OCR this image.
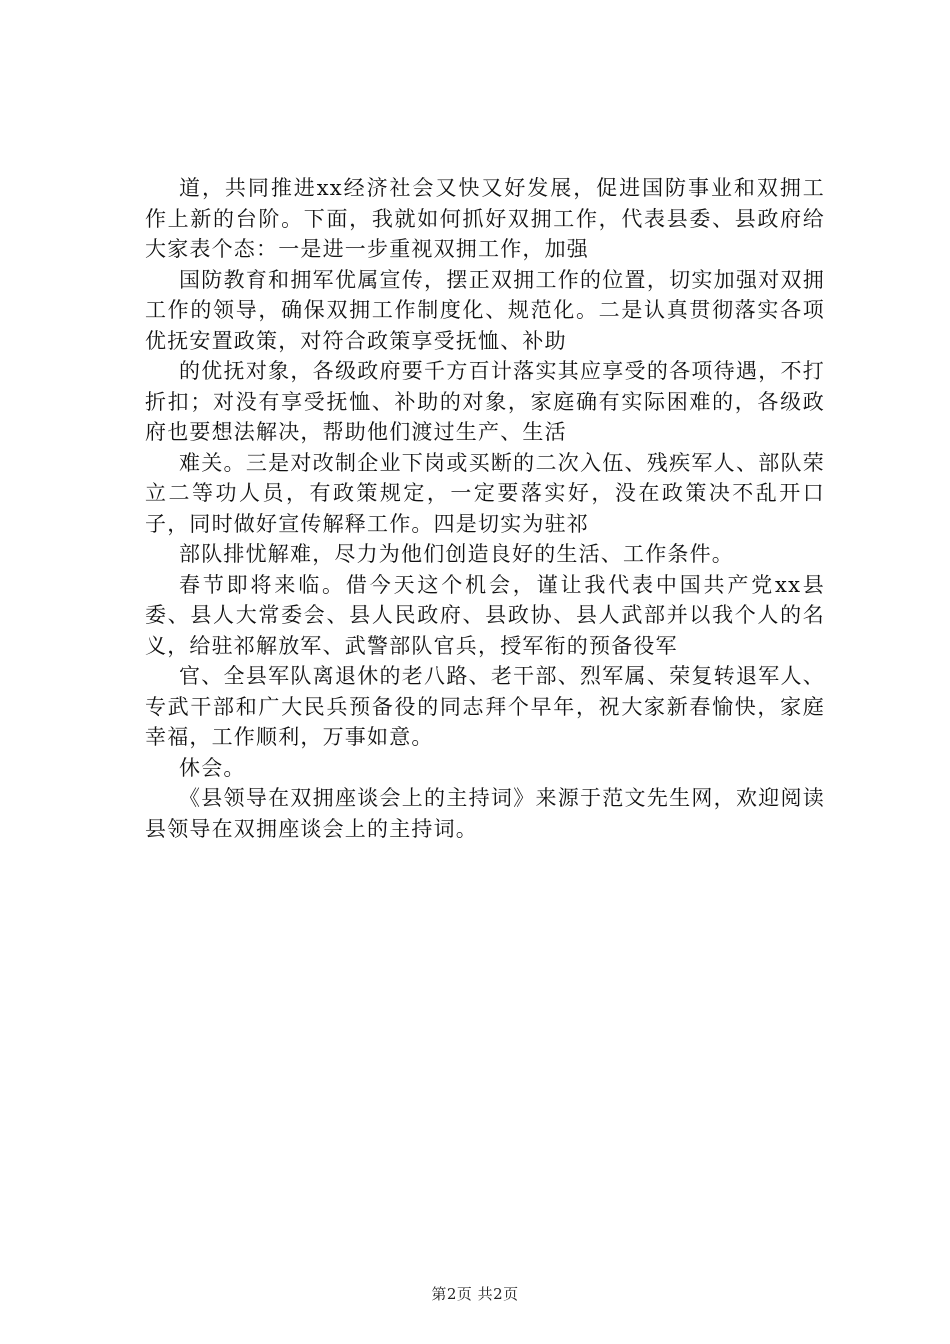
道，共同推进xx经济社会又快又好发展，促进国防事业和双拥工作上新的台阶。下面，我就如何抓好双拥工作，代表县委、县政府给大家表个态：一是进一步重视双拥工作，加强

国防教育和拥军优属宣传，摆正双拥工作的位置，切实加强对双拥工作的领导，确保双拥工作制度化、规范化。二是认真贯彻落实各项优抚安置政策，对符合政策享受抚恤、补助

的优抚对象，各级政府要千方百计落实其应享受的各项待遇，不打折扣；对没有享受抚恤、补助的对象，家庭确有实际困难的，各级政府也要想法解决，帮助他们渡过生产、生活

难关。三是对改制企业下岗或买断的二次入伍、残疾军人、部队荣立二等功人员，有政策规定，一定要落实好，没在政策决不乱开口子，同时做好宣传解释工作。四是切实为驻祁

部队排忧解难，尽力为他们创造良好的生活、工作条件。

春节即将来临。借今天这个机会，谨让我代表中国共产党xx县委、县人大常委会、县人民政府、县政协、县人武部并以我个人的名义，给驻祁解放军、武警部队官兵，授军衔的预备役军

官、全县军队离退休的老八路、老干部、烈军属、荣复转退军人、专武干部和广大民兵预备役的同志拜个早年，祝大家新春愉快，家庭幸福，工作顺利，万事如意。

休会。

《县领导在双拥座谈会上的主持词》来源于范文先生网，欢迎阅读县领导在双拥座谈会上的主持词。

第2页 共2页
